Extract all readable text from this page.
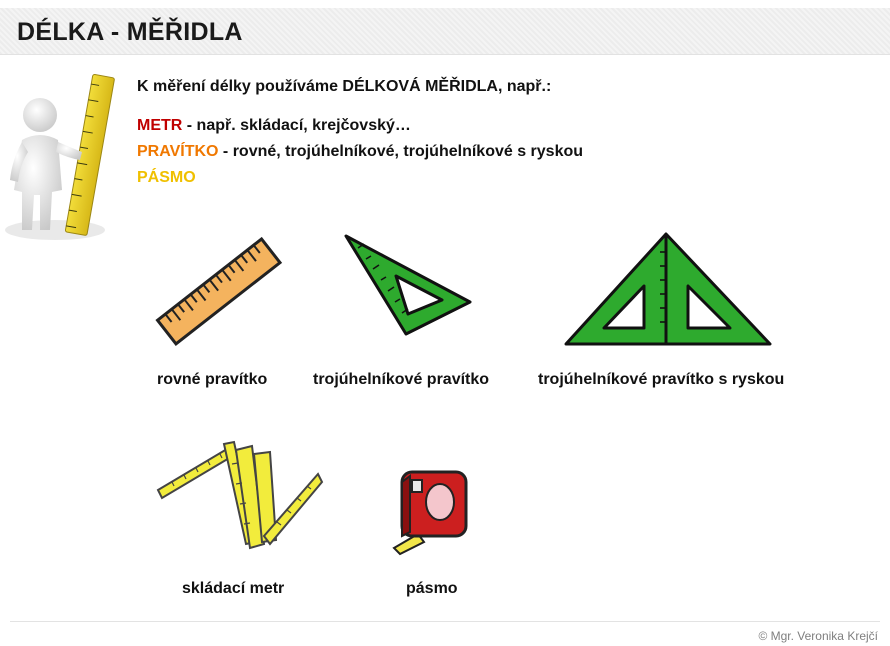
DÉLKA - MĚŘIDLA
K měření délky používáme DÉLKOVÁ MĚŘIDLA, např.:
METR - např. skládací, krejčovský…
PRAVÍTKO - rovné, trojúhelníkové, trojúhelníkové s ryskou
PÁSMO
rovné pravítko	trojúhelníkové pravítko	trojúhelníkové pravítko s ryskou
skládací metr	pásmo
© Mgr. Veronika Krejčí
